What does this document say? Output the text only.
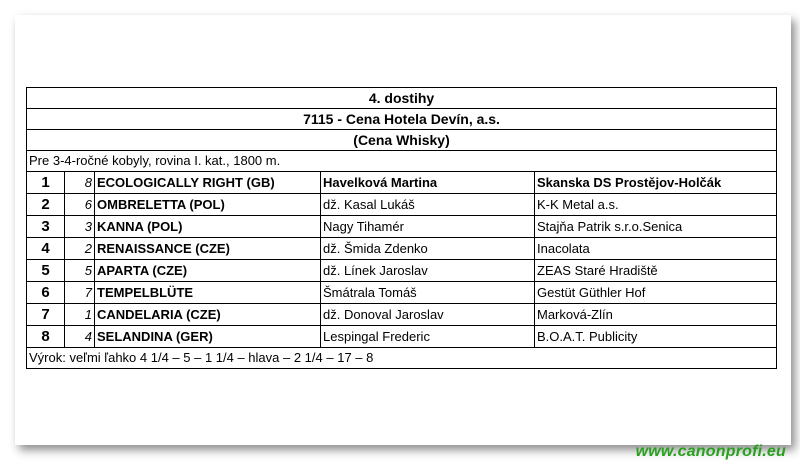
4. dostihy				
7115 - Cena Hotela Devín, a.s.				
(Cena Whisky)				
Pre 3-4-ročné kobyly, rovina I. kat., 1800 m.				
1	8	ECOLOGICALLY RIGHT (GB)	Havelková Martina	Skanska DS Prostějov-Holčák
2	6	OMBRELETTA (POL)	dž. Kasal Lukáš	K-K Metal a.s.
3	3	KANNA (POL)	Nagy Tihamér	Stajňa Patrik s.r.o.Senica
4	2	RENAISSANCE (CZE)	dž. Šmida Zdenko	Inacolata
5	5	APARTA (CZE)	dž. Línek Jaroslav	ZEAS Staré Hradiště
6	7	TEMPELBLÜTE	Šmátrala Tomáš	Gestüt Güthler Hof
7	1	CANDELARIA (CZE)	dž. Donoval Jaroslav	Marková-Zlín
8	4	SELANDINA (GER)	Lespingal Frederic	B.O.A.T. Publicity
Výrok: veľmi ľahko 4 1/4 – 5 – 1 1/4 – hlava – 2 1/4 – 17 – 8				
www.canonprofi.eu
